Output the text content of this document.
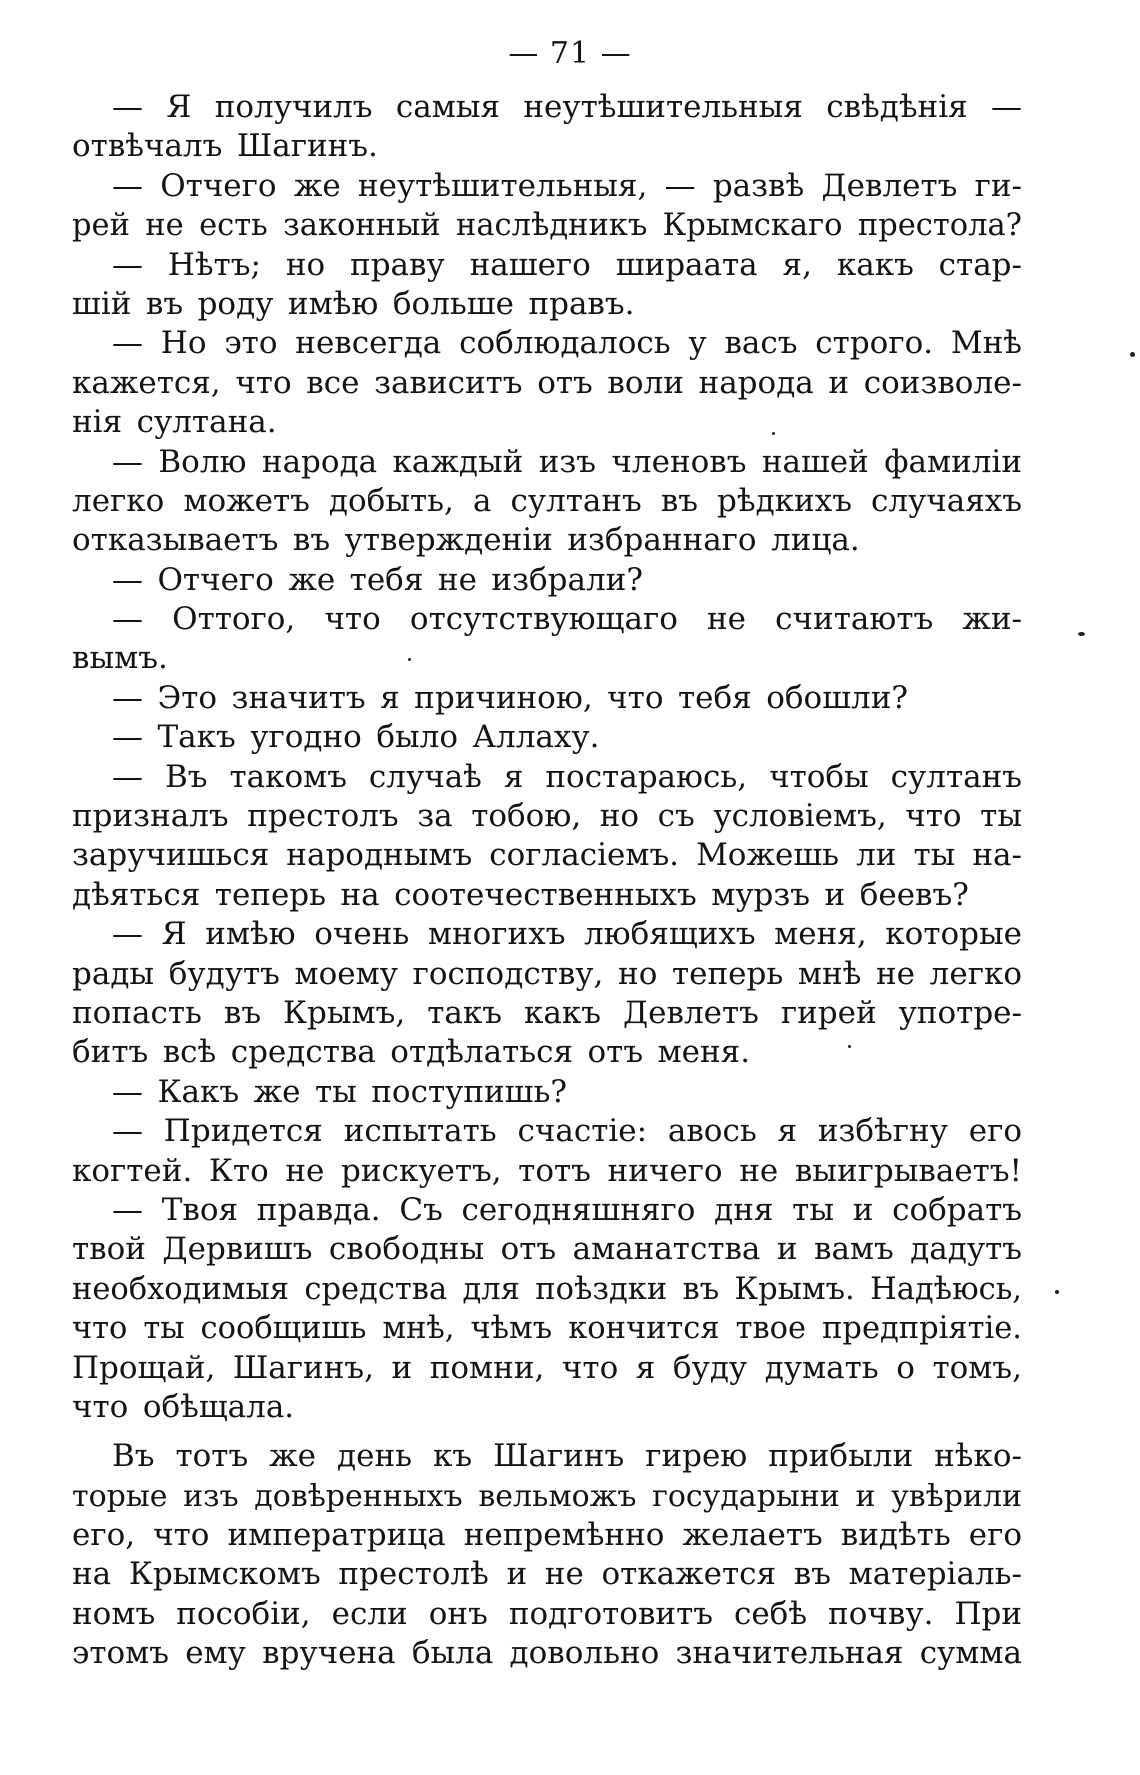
— 71 —
— Я получилъ самыя неутѣшительныя свѣдѣнія —
отвѣчалъ Шагинъ.
— Отчего же неутѣшительныя, — развѣ Девлетъ ги-
рей не есть законный наслѣдникъ Крымскаго престола?
— Нѣтъ; но праву нашего шираата я, какъ стар-
шій въ роду имѣю больше правъ.
— Но это невсегда соблюдалось у васъ строго. Мнѣ
кажется, что все зависитъ отъ воли народа и соизволе-
нія султана.
— Волю народа каждый изъ членовъ нашей фамиліи
легко можетъ добыть, а султанъ въ рѣдкихъ случаяхъ
отказываетъ въ утвержденіи избраннаго лица.
— Отчего же тебя не избрали?
— Оттого, что отсутствующаго не считаютъ жи-
вымъ.
— Это значитъ я причиною, что тебя обошли?
— Такъ угодно было Аллаху.
— Въ такомъ случаѣ я постараюсь, чтобы султанъ
призналъ престолъ за тобою, но съ условіемъ, что ты
заручишься народнымъ согласіемъ. Можешь ли ты на-
дѣяться теперь на соотечественныхъ мурзъ и беевъ?
— Я имѣю очень многихъ любящихъ меня, которые
рады будутъ моему господству, но теперь мнѣ не легко
попасть въ Крымъ, такъ какъ Девлетъ гирей употре-
битъ всѣ средства отдѣлаться отъ меня.
— Какъ же ты поступишь?
— Придется испытать счастіе: авось я избѣгну его
когтей. Кто не рискуетъ, тотъ ничего не выигрываетъ!
— Твоя правда. Съ сегодняшняго дня ты и собратъ
твой Дервишъ свободны отъ аманатства и вамъ дадутъ
необходимыя средства для поѣздки въ Крымъ. Надѣюсь,
что ты сообщишь мнѣ, чѣмъ кончится твое предпріятіе.
Прощай, Шагинъ, и помни, что я буду думать о томъ,
что обѣщала.
Въ тотъ же день къ Шагинъ гирею прибыли нѣко-
торые изъ довѣренныхъ вельможъ государыни и увѣрили
его, что императрица непремѣнно желаетъ видѣть его
на Крымскомъ престолѣ и не откажется въ матеріаль-
номъ пособіи, если онъ подготовитъ себѣ почву. При
этомъ ему вручена была довольно значительная сумма
